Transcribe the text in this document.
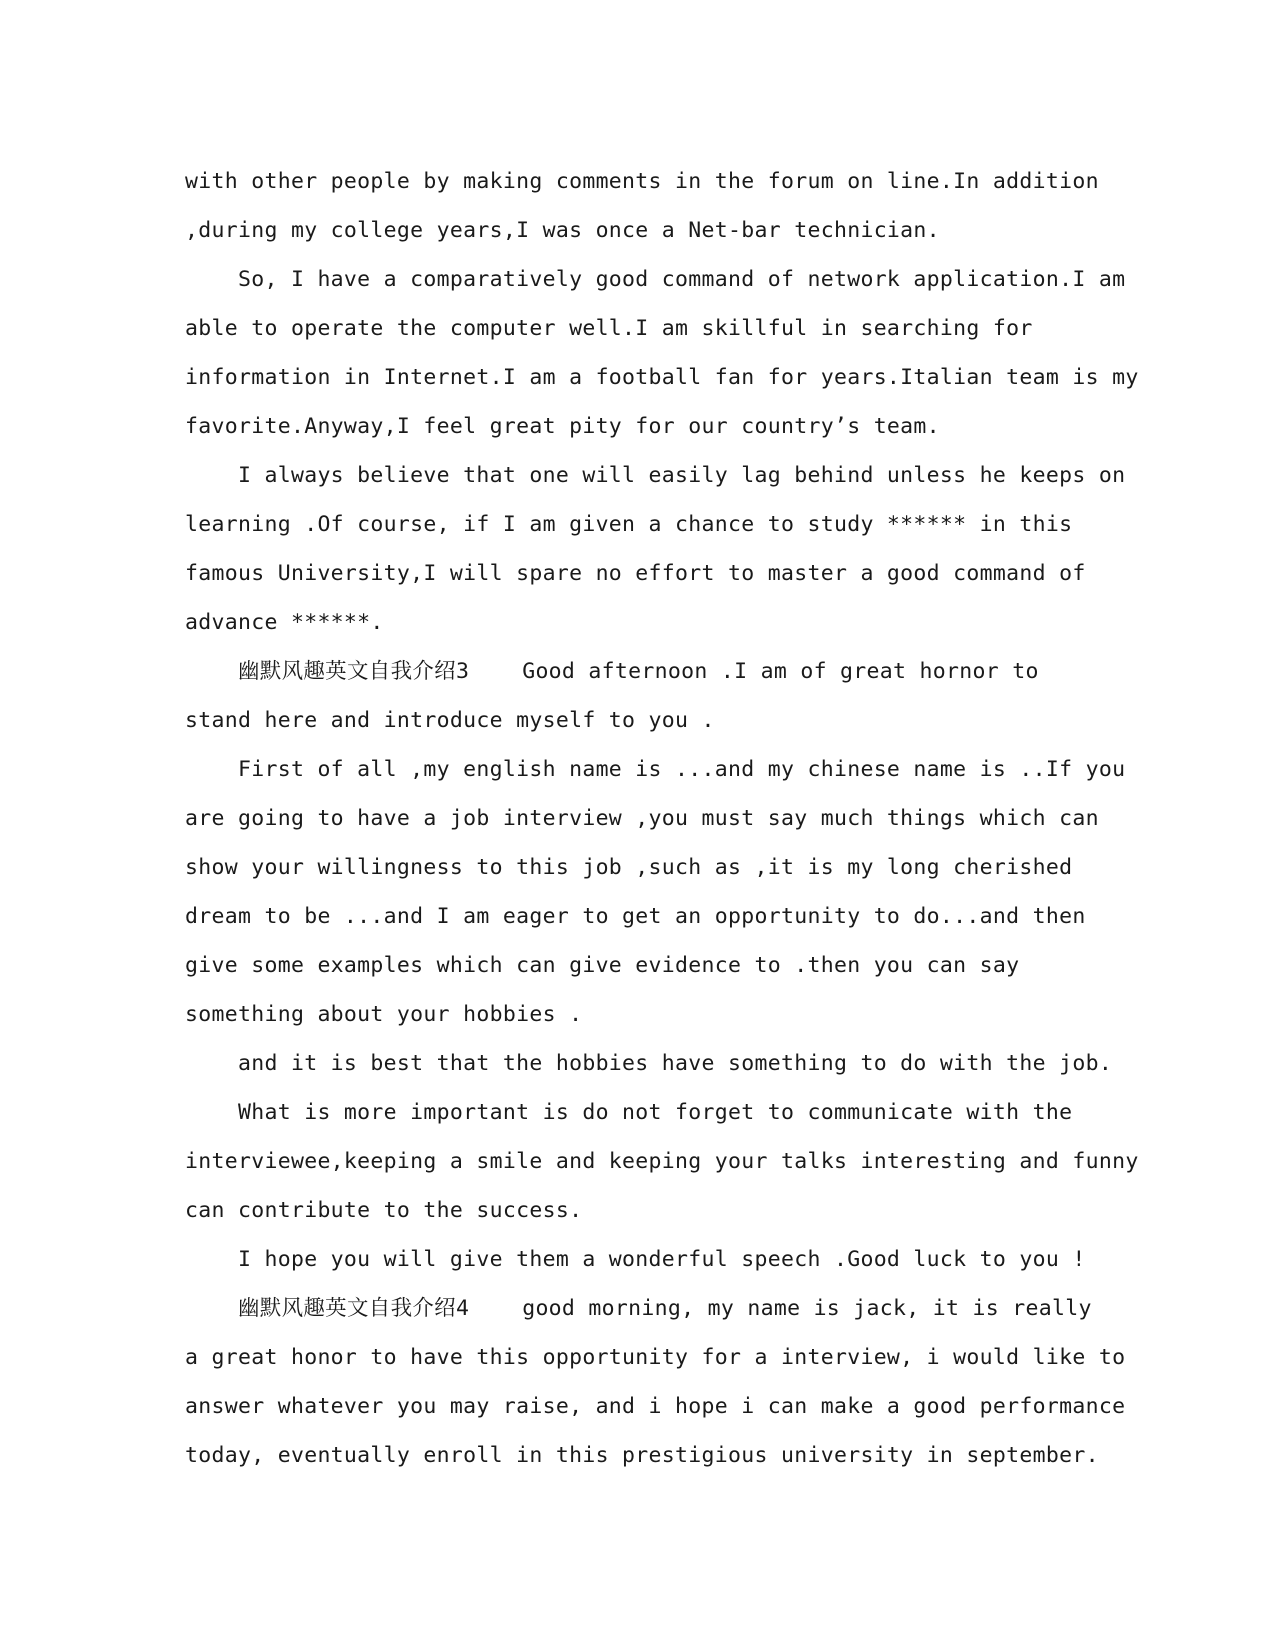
with other people by making comments in the forum on line.In addition
,during my college years,I was once a Net-bar technician.
So, I have a comparatively good command of network application.I am
able to operate the computer well.I am skillful in searching for
information in Internet.I am a football fan for years.Italian team is my
favorite.Anyway,I feel great pity for our country’s team.
I always believe that one will easily lag behind unless he keeps on
learning .Of course, if I am given a chance to study ****** in this
famous University,I will spare no effort to master a good command of
advance ******.
幽默风趣英文自我介绍3    Good afternoon .I am of great hornor to
stand here and introduce myself to you .
First of all ,my english name is ...and my chinese name is ..If you
are going to have a job interview ,you must say much things which can
show your willingness to this job ,such as ,it is my long cherished
dream to be ...and I am eager to get an opportunity to do...and then
give some examples which can give evidence to .then you can say
something about your hobbies .
and it is best that the hobbies have something to do with the job.
What is more important is do not forget to communicate with the
interviewee,keeping a smile and keeping your talks interesting and funny
can contribute to the success.
I hope you will give them a wonderful speech .Good luck to you !
幽默风趣英文自我介绍4    good morning, my name is jack, it is really
a great honor to have this opportunity for a interview, i would like to
answer whatever you may raise, and i hope i can make a good performance
today, eventually enroll in this prestigious university in september.
